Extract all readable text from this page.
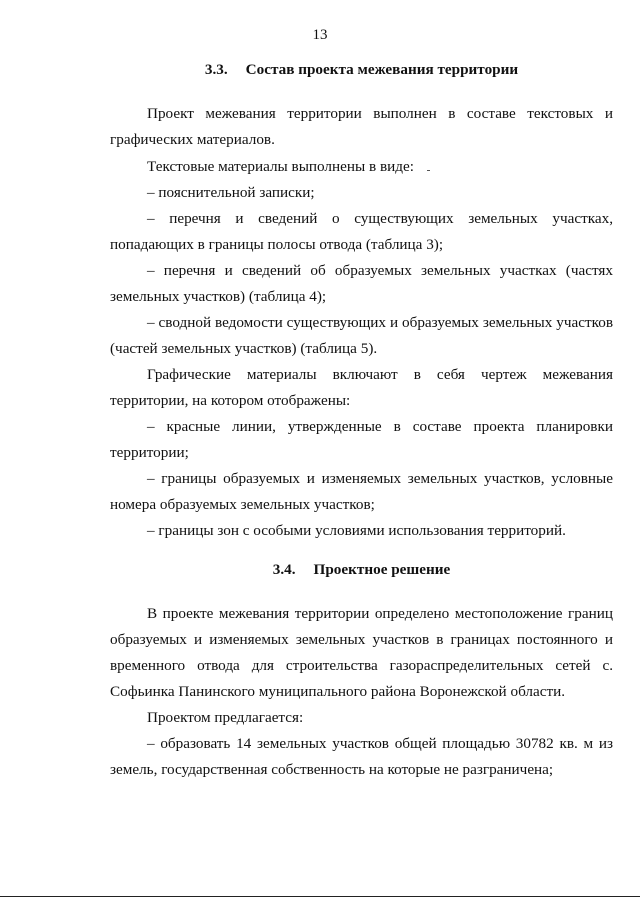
13

3.3. Состав проекта межевания территории

Проект межевания территории выполнен в составе текстовых и графических материалов.

Текстовые материалы выполнены в виде:

– пояснительной записки;

– перечня и сведений о существующих земельных участках, попадающих в границы полосы отвода (таблица 3);

– перечня и сведений об образуемых земельных участках (частях земельных участков) (таблица 4);

– сводной ведомости существующих и образуемых земельных участков (частей земельных участков) (таблица 5).

Графические материалы включают в себя чертеж межевания территории, на котором отображены:

– красные линии, утвержденные в составе проекта планировки территории;

– границы образуемых и изменяемых земельных участков, условные номера образуемых земельных участков;

– границы зон с особыми условиями использования территорий.

3.4. Проектное решение

В проекте межевания территории определено местоположение границ образуемых и изменяемых земельных участков в границах постоянного и временного отвода для строительства газораспределительных сетей с. Софьинка Панинского муниципального района Воронежской области.

Проектом предлагается:

– образовать 14 земельных участков общей площадью 30782 кв. м из земель, государственная собственность на которые не разграничена;
